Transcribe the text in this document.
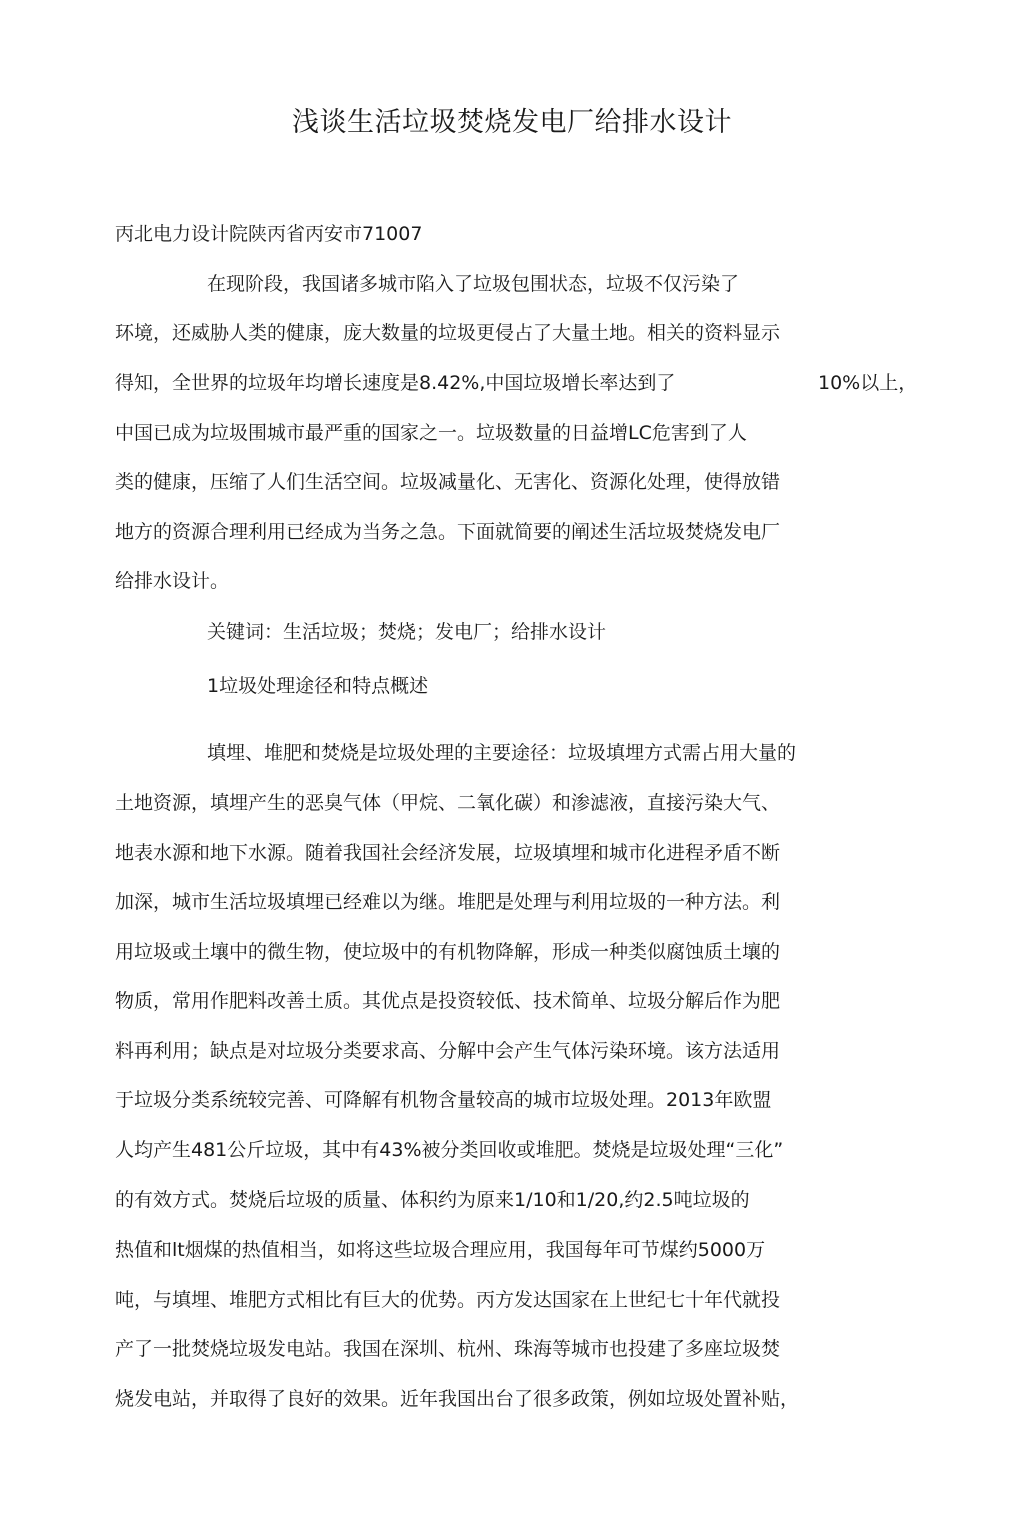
浅谈生活垃圾焚烧发电厂给排水设计
丙北电力设计院陕丙省丙安市71007
在现阶段，我国诸多城市陷入了垃圾包围状态，垃圾不仅污染了
环境，还威胁人类的健康，庞大数量的垃圾更侵占了大量土地。相关的资料显示
得知，全世界的垃圾年均增长速度是8.42%,中国垃圾增长率达到了	10%以上，
中国已成为垃圾围城市最严重的国家之一。垃圾数量的日益增LC危害到了人
类的健康，压缩了人们生活空间。垃圾减量化、无害化、资源化处理，使得放错
地方的资源合理利用已经成为当务之急。下面就简要的阐述生活垃圾焚烧发电厂
给排水设计。
关键词：生活垃圾；焚烧；发电厂；给排水设计
1垃圾处理途径和特点概述
填埋、堆肥和焚烧是垃圾处理的主要途径：垃圾填埋方式需占用大量的
土地资源，填埋产生的恶臭气体（甲烷、二氧化碳）和渗滤液，直接污染大气、
地表水源和地下水源。随着我国社会经济发展，垃圾填埋和城市化进程矛盾不断
加深，城市生活垃圾填埋已经难以为继。堆肥是处理与利用垃圾的一种方法。利
用垃圾或土壤中的微生物，使垃圾中的有机物降解，形成一种类似腐蚀质土壤的
物质，常用作肥料改善土质。其优点是投资较低、技术简单、垃圾分解后作为肥
料再利用；缺点是对垃圾分类要求高、分解中会产生气体污染环境。该方法适用
于垃圾分类系统较完善、可降解有机物含量较高的城市垃圾处理。2013年欧盟
人均产生481公斤垃圾，其中有43%被分类回收或堆肥。焚烧是垃圾处理“三化”
的有效方式。焚烧后垃圾的质量、体积约为原来1/10和1/20,约2.5吨垃圾的
热值和lt烟煤的热值相当，如将这些垃圾合理应用，我国每年可节煤约5000万
吨，与填埋、堆肥方式相比有巨大的优势。丙方发达国家在上世纪七十年代就投
产了一批焚烧垃圾发电站。我国在深圳、杭州、珠海等城市也投建了多座垃圾焚
烧发电站，并取得了良好的效果。近年我国出台了很多政策，例如垃圾处置补贴，
